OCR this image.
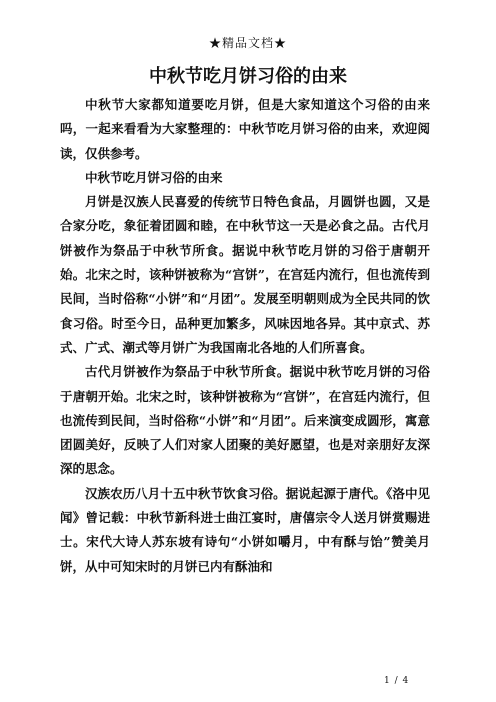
★精品文档★
中秋节吃月饼习俗的由来

中秋节大家都知道要吃月饼，但是大家知道这个习俗的由来吗，一起来看看为大家整理的：中秋节吃月饼习俗的由来，欢迎阅读，仅供参考。

中秋节吃月饼习俗的由来

月饼是汉族人民喜爱的传统节日特色食品，月圆饼也圆，又是合家分吃，象征着团圆和睦，在中秋节这一天是必食之品。古代月饼被作为祭品于中秋节所食。据说中秋节吃月饼的习俗于唐朝开始。北宋之时，该种饼被称为“宫饼”，在宫廷内流行，但也流传到民间，当时俗称“小饼”和“月团”。发展至明朝则成为全民共同的饮食习俗。时至今日，品种更加繁多，风味因地各异。其中京式、苏式、广式、潮式等月饼广为我国南北各地的人们所喜食。

古代月饼被作为祭品于中秋节所食。据说中秋节吃月饼的习俗于唐朝开始。北宋之时，该种饼被称为“宫饼”，在宫廷内流行，但也流传到民间，当时俗称“小饼”和“月团”。后来演变成圆形，寓意团圆美好，反映了人们对家人团聚的美好愿望，也是对亲朋好友深深的思念。

汉族农历八月十五中秋节饮食习俗。据说起源于唐代。《洛中见闻》曾记载：中秋节新科进士曲江宴时，唐僖宗令人送月饼赏赐进士。宋代大诗人苏东坡有诗句“小饼如嚼月，中有酥与饴”赞美月饼，从中可知宋时的月饼已内有酥油和

1 / 4
